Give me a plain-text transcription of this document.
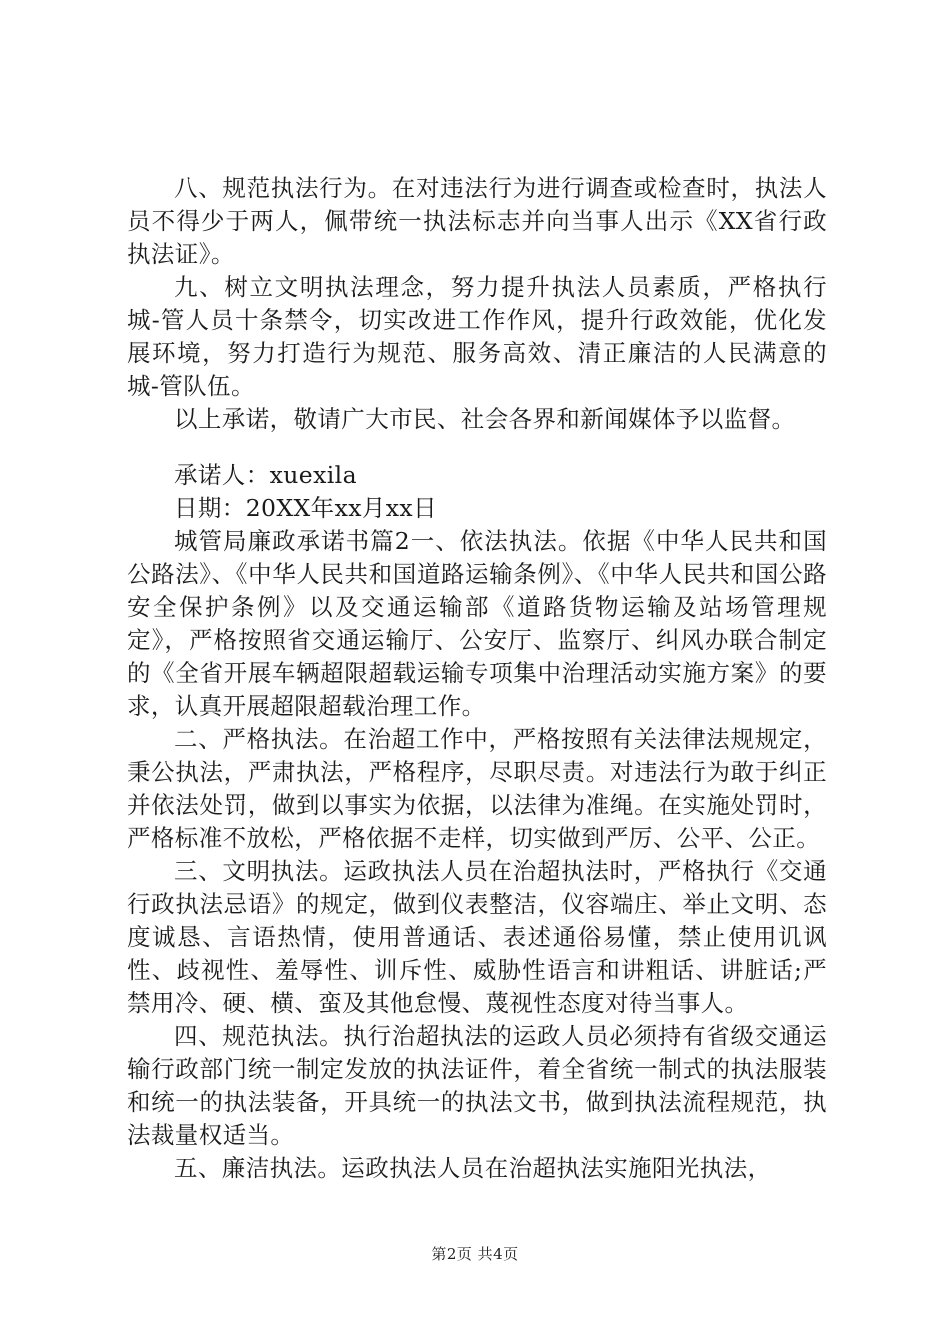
八、规范执法行为。在对违法行为进行调查或检查时，执法人员不得少于两人，佩带统一执法标志并向当事人出示《XX省行政执法证》。

九、树立文明执法理念，努力提升执法人员素质，严格执行城-管人员十条禁令，切实改进工作作风，提升行政效能，优化发展环境，努力打造行为规范、服务高效、清正廉洁的人民满意的城-管队伍。

以上承诺，敬请广大市民、社会各界和新闻媒体予以监督。

承诺人：xuexila

日期：20XX年xx月xx日

城管局廉政承诺书篇2一、依法执法。依据《中华人民共和国公路法》、《中华人民共和国道路运输条例》、《中华人民共和国公路安全保护条例》以及交通运输部《道路货物运输及站场管理规定》，严格按照省交通运输厅、公安厅、监察厅、纠风办联合制定的《全省开展车辆超限超载运输专项集中治理活动实施方案》的要求，认真开展超限超载治理工作。

二、严格执法。在治超工作中，严格按照有关法律法规规定，秉公执法，严肃执法，严格程序，尽职尽责。对违法行为敢于纠正并依法处罚，做到以事实为依据，以法律为准绳。在实施处罚时，严格标准不放松，严格依据不走样，切实做到严厉、公平、公正。

三、文明执法。运政执法人员在治超执法时，严格执行《交通行政执法忌语》的规定，做到仪表整洁，仪容端庄、举止文明、态度诚恳、言语热情，使用普通话、表述通俗易懂，禁止使用讥讽性、歧视性、羞辱性、训斥性、威胁性语言和讲粗话、讲脏话;严禁用冷、硬、横、蛮及其他怠慢、蔑视性态度对待当事人。

四、规范执法。执行治超执法的运政人员必须持有省级交通运输行政部门统一制定发放的执法证件，着全省统一制式的执法服装和统一的执法装备，开具统一的执法文书，做到执法流程规范，执法裁量权适当。

五、廉洁执法。运政执法人员在治超执法实施阳光执法，

第2页 共4页
